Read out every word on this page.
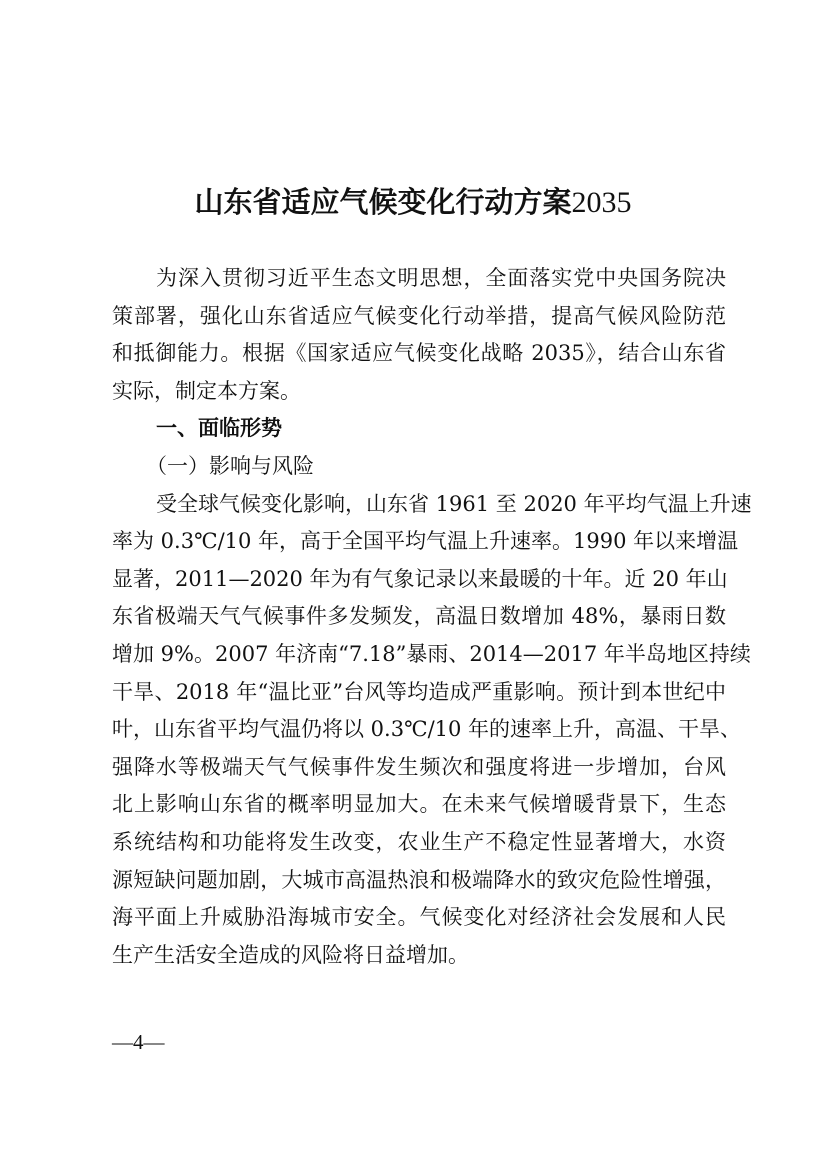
山东省适应气候变化行动方案2035
为深入贯彻习近平生态文明思想，全面落实党中央国务院决
策部署，强化山东省适应气候变化行动举措，提高气候风险防范
和抵御能力。根据《国家适应气候变化战略 2035》，结合山东省
实际，制定本方案。
一、面临形势
（一）影响与风险
受全球气候变化影响，山东省 1961 至 2020 年平均气温上升速
率为 0.3℃/10 年，高于全国平均气温上升速率。1990 年以来增温
显著，2011—2020 年为有气象记录以来最暖的十年。近 20 年山
东省极端天气气候事件多发频发，高温日数增加 48%，暴雨日数
增加 9%。2007 年济南“7.18”暴雨、2014—2017 年半岛地区持续
干旱、2018 年“温比亚”台风等均造成严重影响。预计到本世纪中
叶，山东省平均气温仍将以 0.3℃/10 年的速率上升，高温、干旱、
强降水等极端天气气候事件发生频次和强度将进一步增加，台风
北上影响山东省的概率明显加大。在未来气候增暖背景下，生态
系统结构和功能将发生改变，农业生产不稳定性显著增大，水资
源短缺问题加剧，大城市高温热浪和极端降水的致灾危险性增强，
海平面上升威胁沿海城市安全。气候变化对经济社会发展和人民
生产生活安全造成的风险将日益增加。
—4—
